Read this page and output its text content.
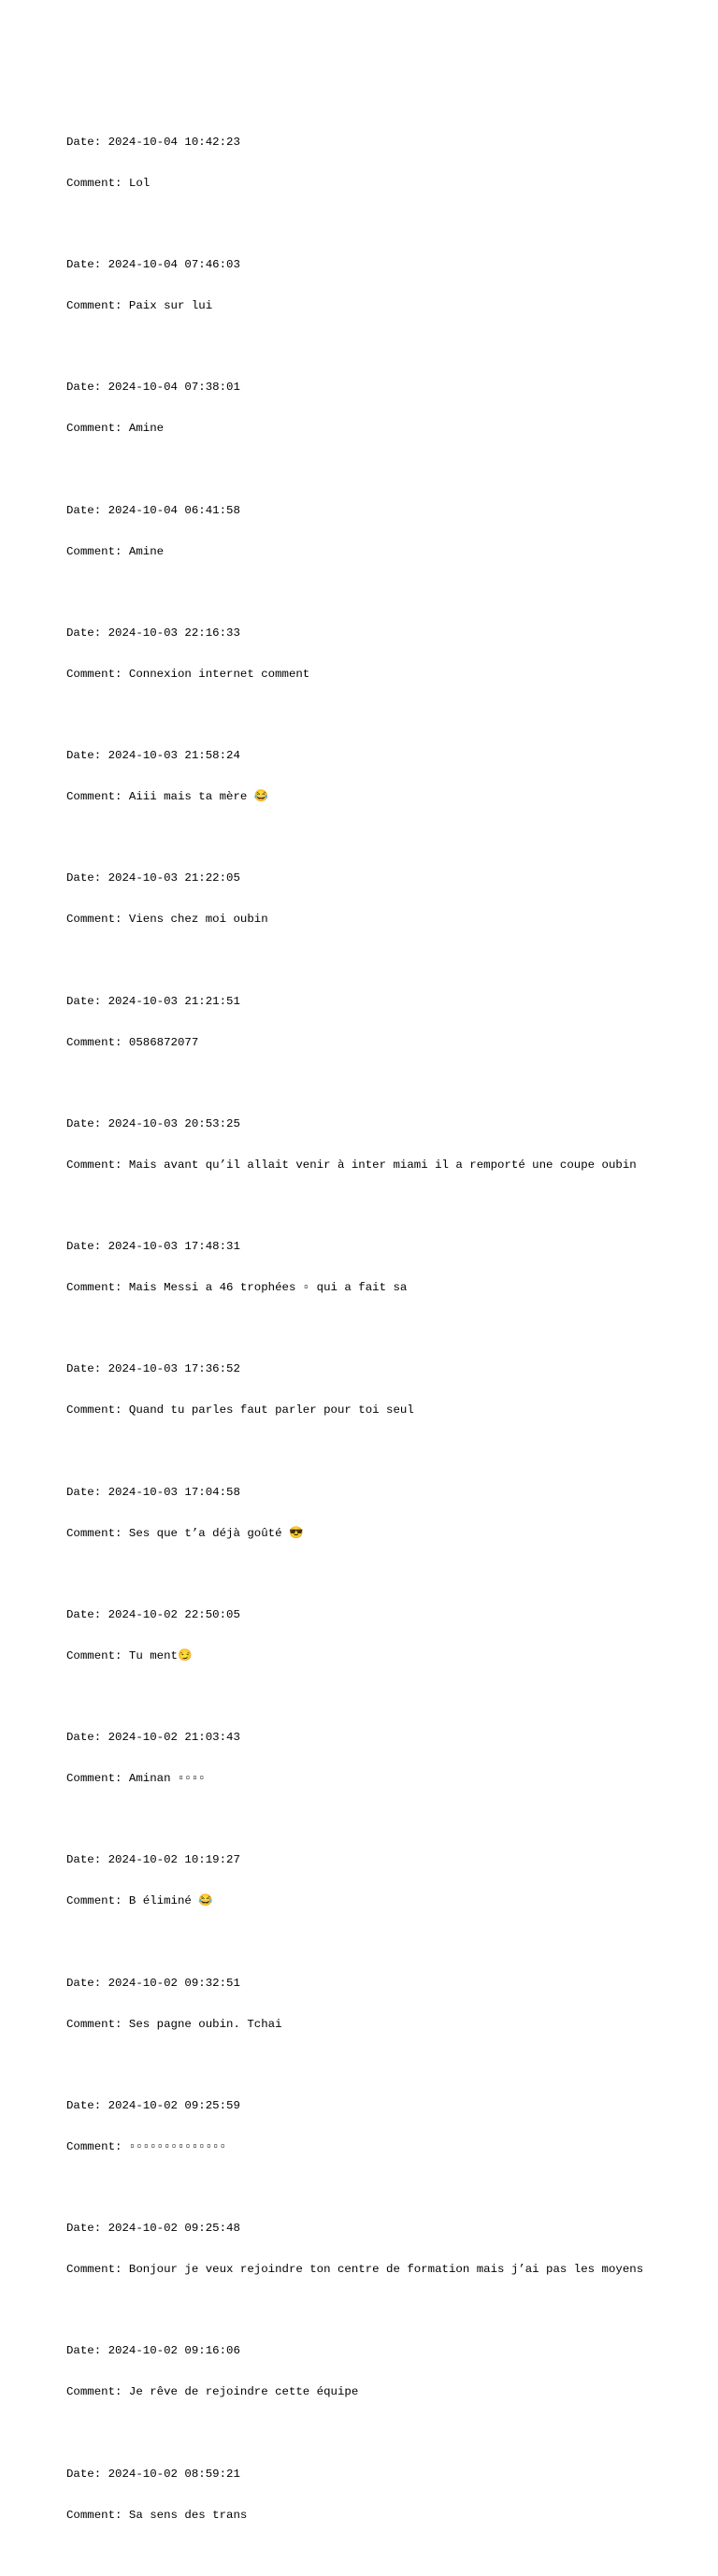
Date: 2024-10-04 10:42:23

Comment: Lol

Date: 2024-10-04 07:46:03

Comment: Paix sur lui

Date: 2024-10-04 07:38:01

Comment: Amine

Date: 2024-10-04 06:41:58

Comment: Amine

Date: 2024-10-03 22:16:33

Comment: Connexion internet comment

Date: 2024-10-03 21:58:24

Comment: Aiii mais ta mère 😂

Date: 2024-10-03 21:22:05

Comment: Viens chez moi oubin

Date: 2024-10-03 21:21:51

Comment: 0586872077

Date: 2024-10-03 20:53:25

Comment: Mais avant qu’il allait venir à inter miami il a remporté une coupe oubin

Date: 2024-10-03 17:48:31

Comment: Mais Messi a 46 trophées ▫ qui a fait sa

Date: 2024-10-03 17:36:52

Comment: Quand tu parles faut parler pour toi seul

Date: 2024-10-03 17:04:58

Comment: Ses que t’a déjà goûté 😎

Date: 2024-10-02 22:50:05

Comment: Tu ment😏

Date: 2024-10-02 21:03:43

Comment: Aminan ▫▫▫▫

Date: 2024-10-02 10:19:27

Comment: B éliminé 😂

Date: 2024-10-02 09:32:51

Comment: Ses pagne oubin. Tchai

Date: 2024-10-02 09:25:59

Comment: ▫▫▫▫▫▫▫▫▫▫▫▫▫▫

Date: 2024-10-02 09:25:48

Comment: Bonjour je veux rejoindre ton centre de formation mais j’ai pas les moyens

Date: 2024-10-02 09:16:06

Comment: Je rêve de rejoindre cette équipe

Date: 2024-10-02 08:59:21

Comment: Sa sens des trans
